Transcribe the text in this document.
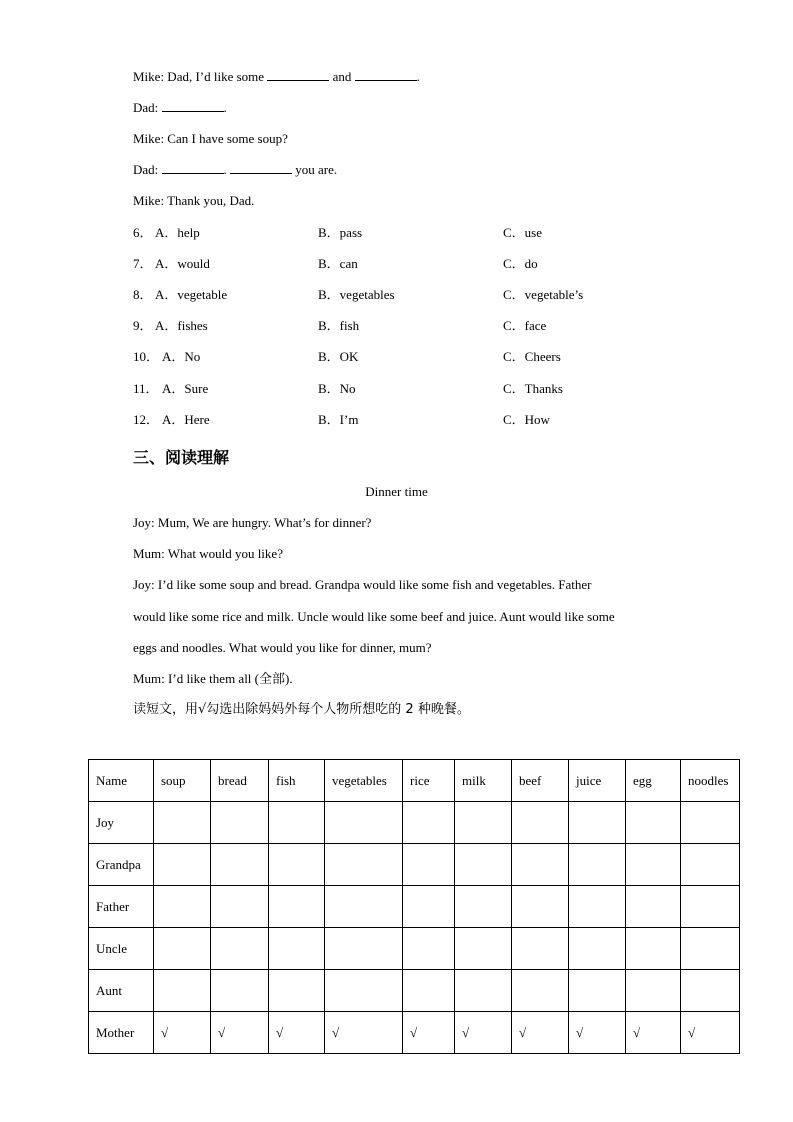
Mike: Dad, I’d like some	and	.
Dad:	.
Mike: Can I have some soup?
Dad:	.	you are.
Mike: Thank you, Dad.
6． A．help	B．pass	C．use
7． A．would	B．can	C．do
8． A．vegetable	B．vegetables	C．vegetable’s
9． A．fishes	B．fish	C．face
10． A．No	B．OK	C．Cheers
11． A．Sure	B．No	C．Thanks
12． A．Here	B．I’m	C．How
三、阅读理解
Dinner time
Joy: Mum, We are hungry. What’s for dinner?
Mum: What would you like?
Joy: I’d like some soup and bread. Grandpa would like some fish and vegetables. Father
would like some rice and milk. Uncle would like some beef and juice. Aunt would like some
eggs and noodles. What would you like for dinner, mum?
Mum: I’d like them all (全部).
读短文，用√勾选出除妈妈外每个人物所想吃的 2 种晚餐。
Name	soup	bread	fish	vegetables	rice	milk	beef	juice	egg	noodles
Joy										
Grandpa										
Father										
Uncle										
Aunt										
Mother	√	√	√	√	√	√	√	√	√	√
